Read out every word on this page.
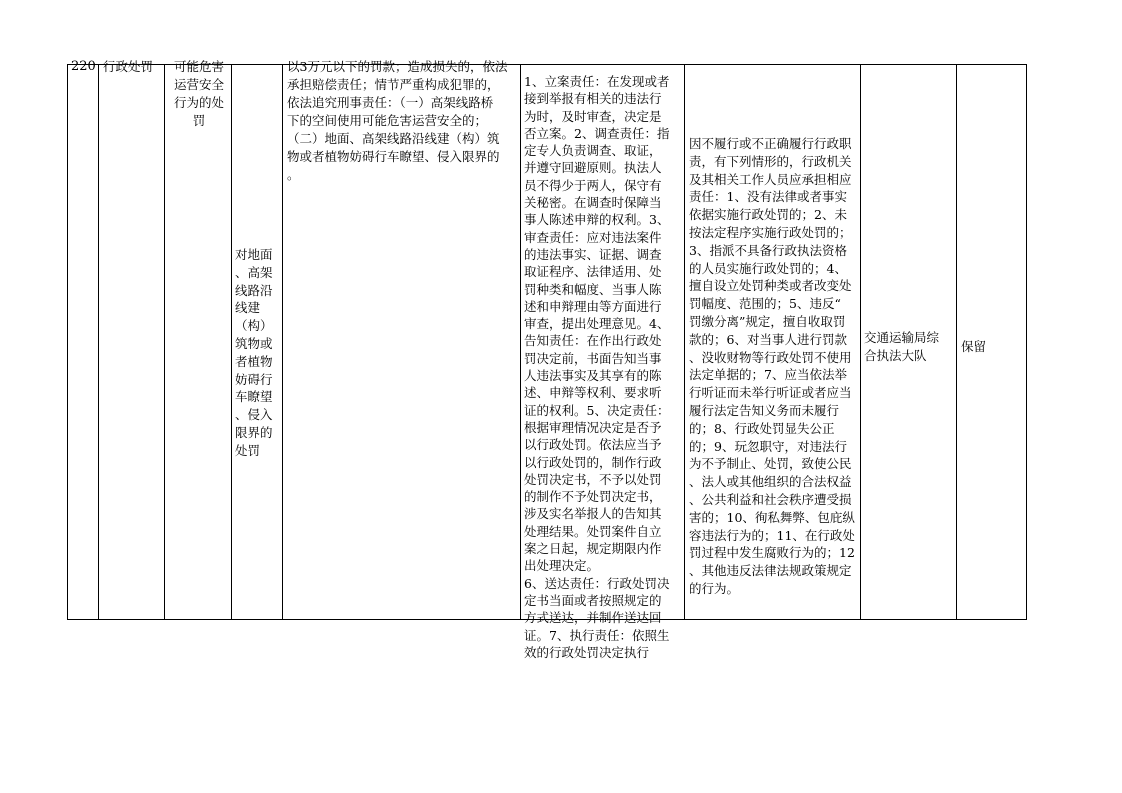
220 行政处罚	可能危害
运营安全
行为的处
罚
对地面
、高架
线路沿
线建
（构）
筑物或
者植物
妨碍行
车瞭望
、侵入
限界的
处罚
以3万元以下的罚款；造成损失的，依法
承担赔偿责任；情节严重构成犯罪的，
依法追究刑事责任：（一）高架线路桥
下的空间使用可能危害运营安全的；
（二）地面、高架线路沿线建（构）筑
物或者植物妨碍行车瞭望、侵入限界的
。
1、立案责任：在发现或者
接到举报有相关的违法行
为时，及时审查，决定是
否立案。2、调查责任：指
定专人负责调查、取证，
并遵守回避原则。执法人
员不得少于两人，保守有
关秘密。在调查时保障当
事人陈述申辩的权利。3、
审查责任：应对违法案件
的违法事实、证据、调查
取证程序、法律适用、处
罚种类和幅度、当事人陈
述和申辩理由等方面进行
审查，提出处理意见。4、
告知责任：在作出行政处
罚决定前，书面告知当事
人违法事实及其享有的陈
述、申辩等权利、要求听
证的权利。5、决定责任：
根据审理情况决定是否予
以行政处罚。依法应当予
以行政处罚的，制作行政
处罚决定书，不予以处罚
的制作不予处罚决定书，
涉及实名举报人的告知其
处理结果。处罚案件自立
案之日起，规定期限内作
出处理决定。
6、送达责任：行政处罚决
定书当面或者按照规定的
方式送达，并制作送达回
证。7、执行责任：依照生
效的行政处罚决定执行
因不履行或不正确履行行政职
责，有下列情形的，行政机关
及其相关工作人员应承担相应
责任：1、没有法律或者事实
依据实施行政处罚的；2、未
按法定程序实施行政处罚的；
3、指派不具备行政执法资格
的人员实施行政处罚的；4、
擅自设立处罚种类或者改变处
罚幅度、范围的；5、违反“
罚缴分离”规定，擅自收取罚
款的；6、对当事人进行罚款
、没收财物等行政处罚不使用
法定单据的；7、应当依法举
行听证而未举行听证或者应当
履行法定告知义务而未履行
的；8、行政处罚显失公正
的；9、玩忽职守，对违法行
为不予制止、处罚，致使公民
、法人或其他组织的合法权益
、公共利益和社会秩序遭受损
害的；10、徇私舞弊、包庇纵
容违法行为的；11、在行政处
罚过程中发生腐败行为的；12
、其他违反法律法规政策规定
的行为。
交通运输局综
合执法大队
保留
